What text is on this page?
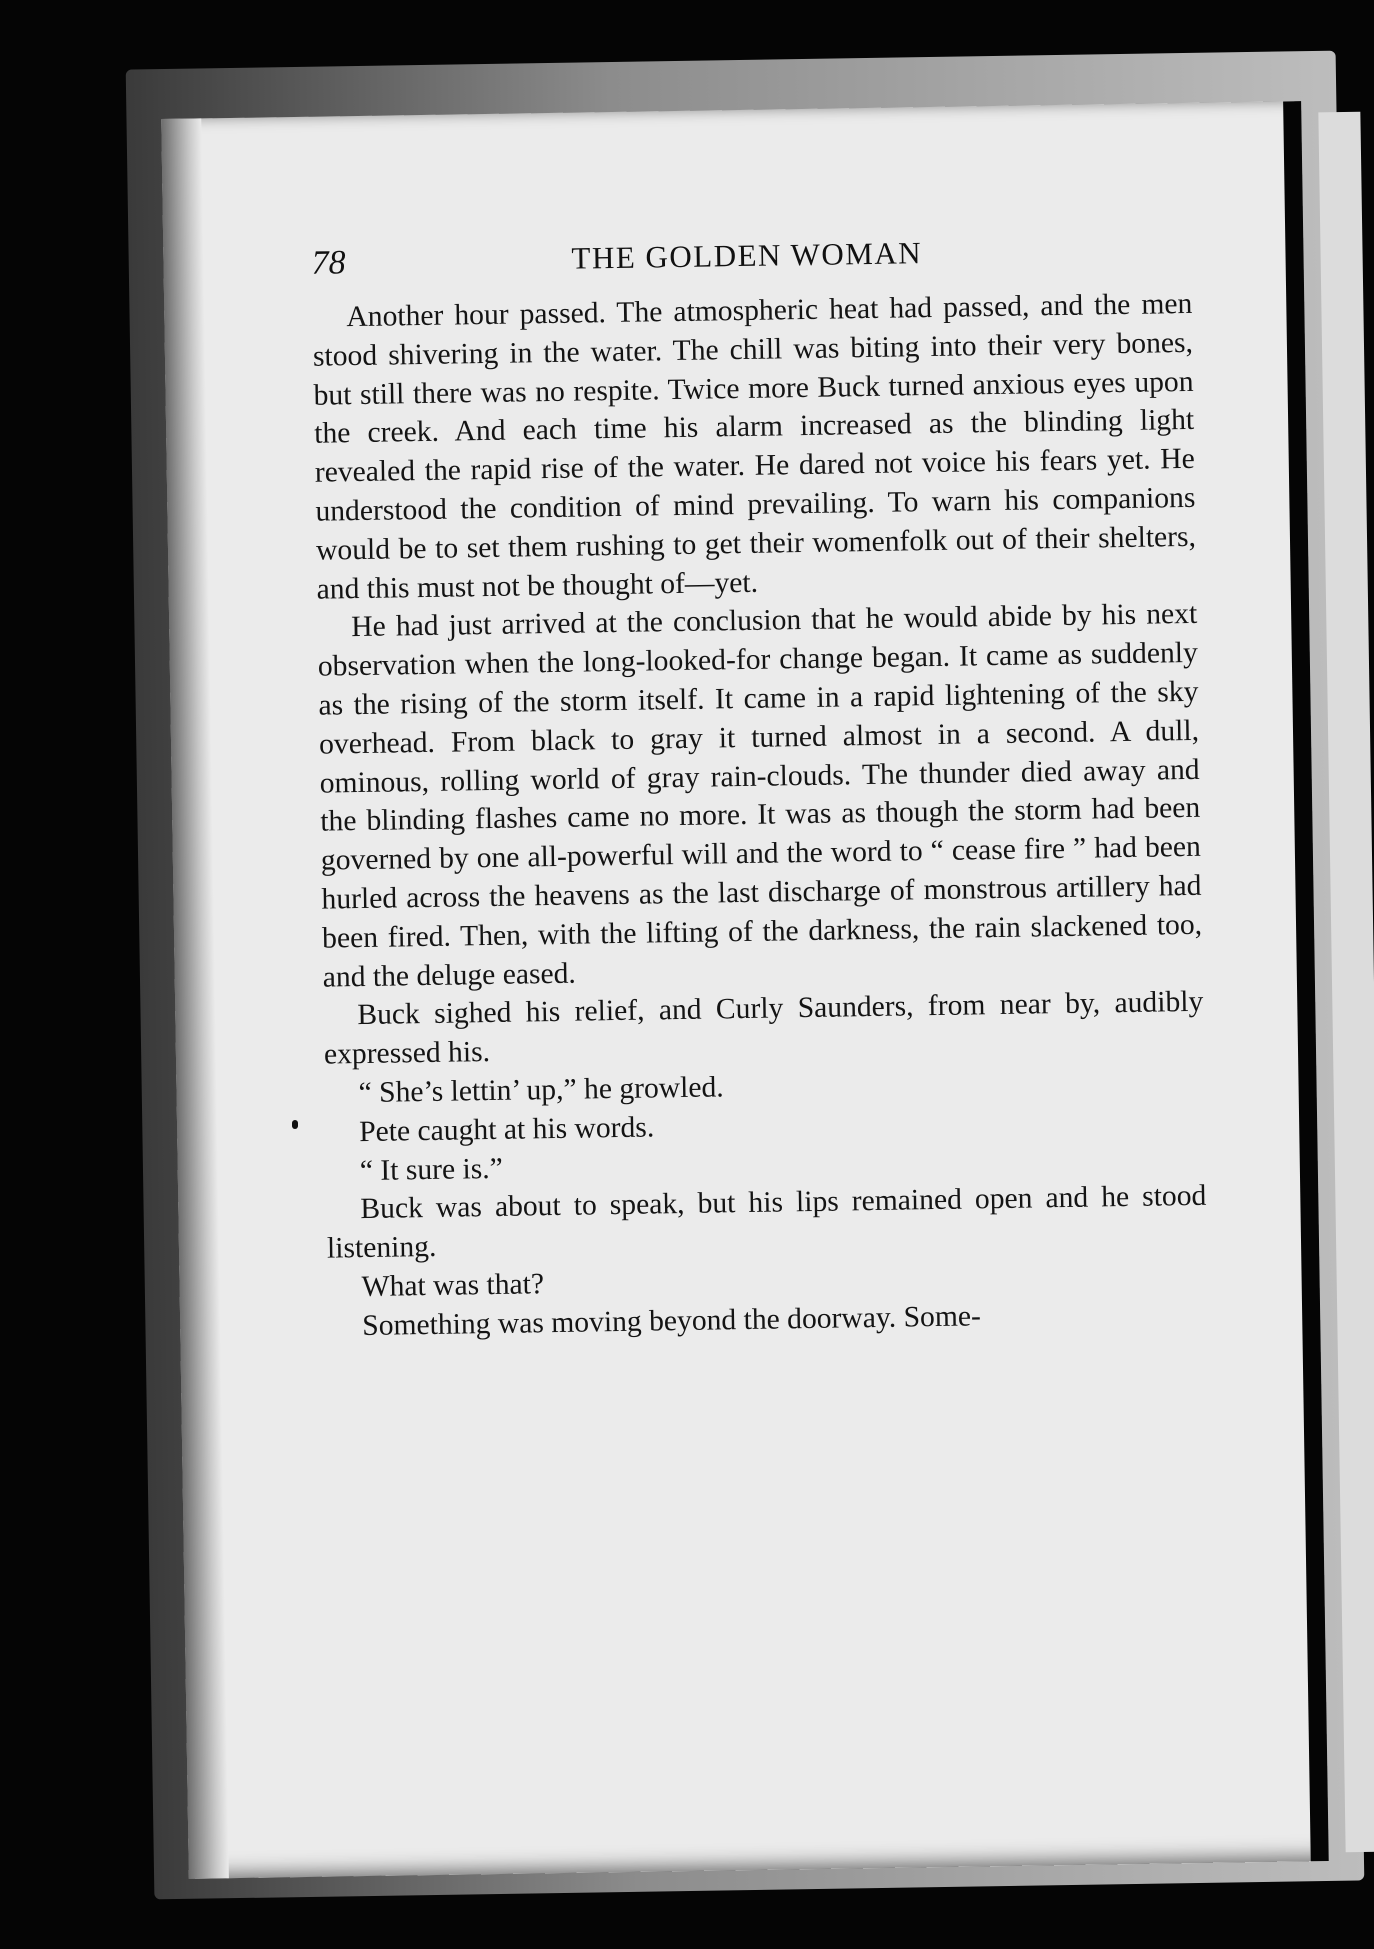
78	THE GOLDEN WOMAN

Another hour passed. The atmospheric heat had passed, and the men stood shivering in the water. The chill was biting into their very bones, but still there was no respite. Twice more Buck turned anxious eyes upon the creek. And each time his alarm increased as the blinding light revealed the rapid rise of the water. He dared not voice his fears yet. He understood the condition of mind prevailing. To warn his companions would be to set them rushing to get their womenfolk out of their shelters, and this must not be thought of—yet.

He had just arrived at the conclusion that he would abide by his next observation when the long-looked-for change began. It came as suddenly as the rising of the storm itself. It came in a rapid lightening of the sky overhead. From black to gray it turned almost in a second. A dull, ominous, rolling world of gray rain-clouds. The thunder died away and the blinding flashes came no more. It was as though the storm had been governed by one all-powerful will and the word to “ cease fire ” had been hurled across the heavens as the last discharge of monstrous artillery had been fired. Then, with the lifting of the darkness, the rain slackened too, and the deluge eased.

Buck sighed his relief, and Curly Saunders, from near by, audibly expressed his.

“ She’s lettin’ up,” he growled.

Pete caught at his words.

“ It sure is.”

Buck was about to speak, but his lips remained open and he stood listening.

What was that?

Something was moving beyond the doorway. Some-
